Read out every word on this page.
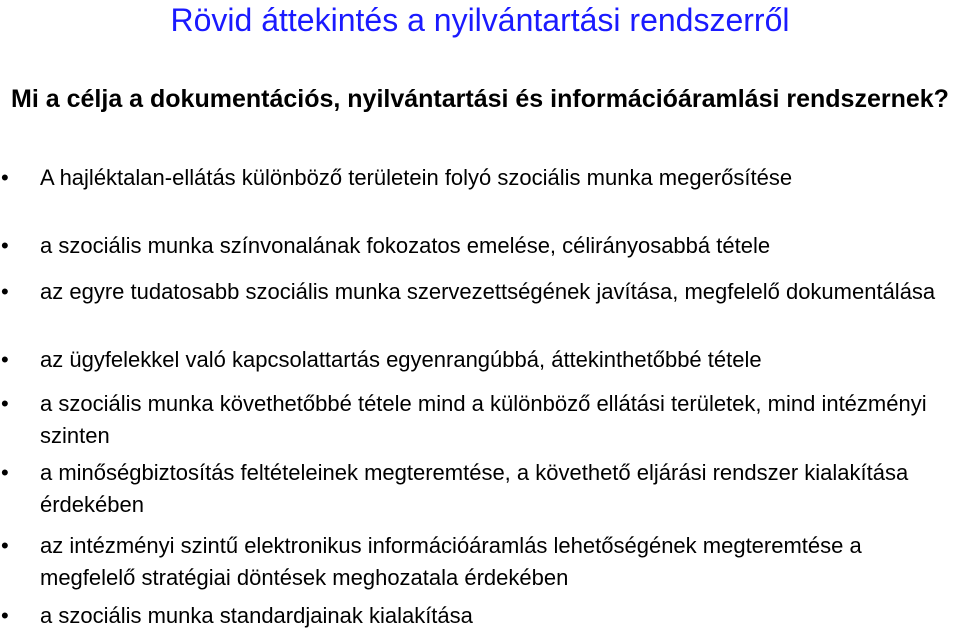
Rövid áttekintés a nyilvántartási rendszerről
Mi a célja a dokumentációs, nyilvántartási és információáramlási rendszernek?
•	A hajléktalan-ellátás különböző területein folyó szociális munka megerősítése
•	a szociális munka színvonalának fokozatos emelése, célirányosabbá tétele
•	az egyre tudatosabb szociális munka szervezettségének javítása, megfelelő dokumentálása
•	az ügyfelekkel való kapcsolattartás egyenrangúbbá, áttekinthetőbbé tétele
•	a szociális munka követhetőbbé tétele mind a különböző ellátási területek, mind intézményi szinten
•	a minőségbiztosítás feltételeinek megteremtése, a követhető eljárási rendszer kialakítása érdekében
•	az intézményi szintű elektronikus információáramlás lehetőségének megteremtése a megfelelő stratégiai döntések meghozatala érdekében
•	a szociális munka standardjainak kialakítása
